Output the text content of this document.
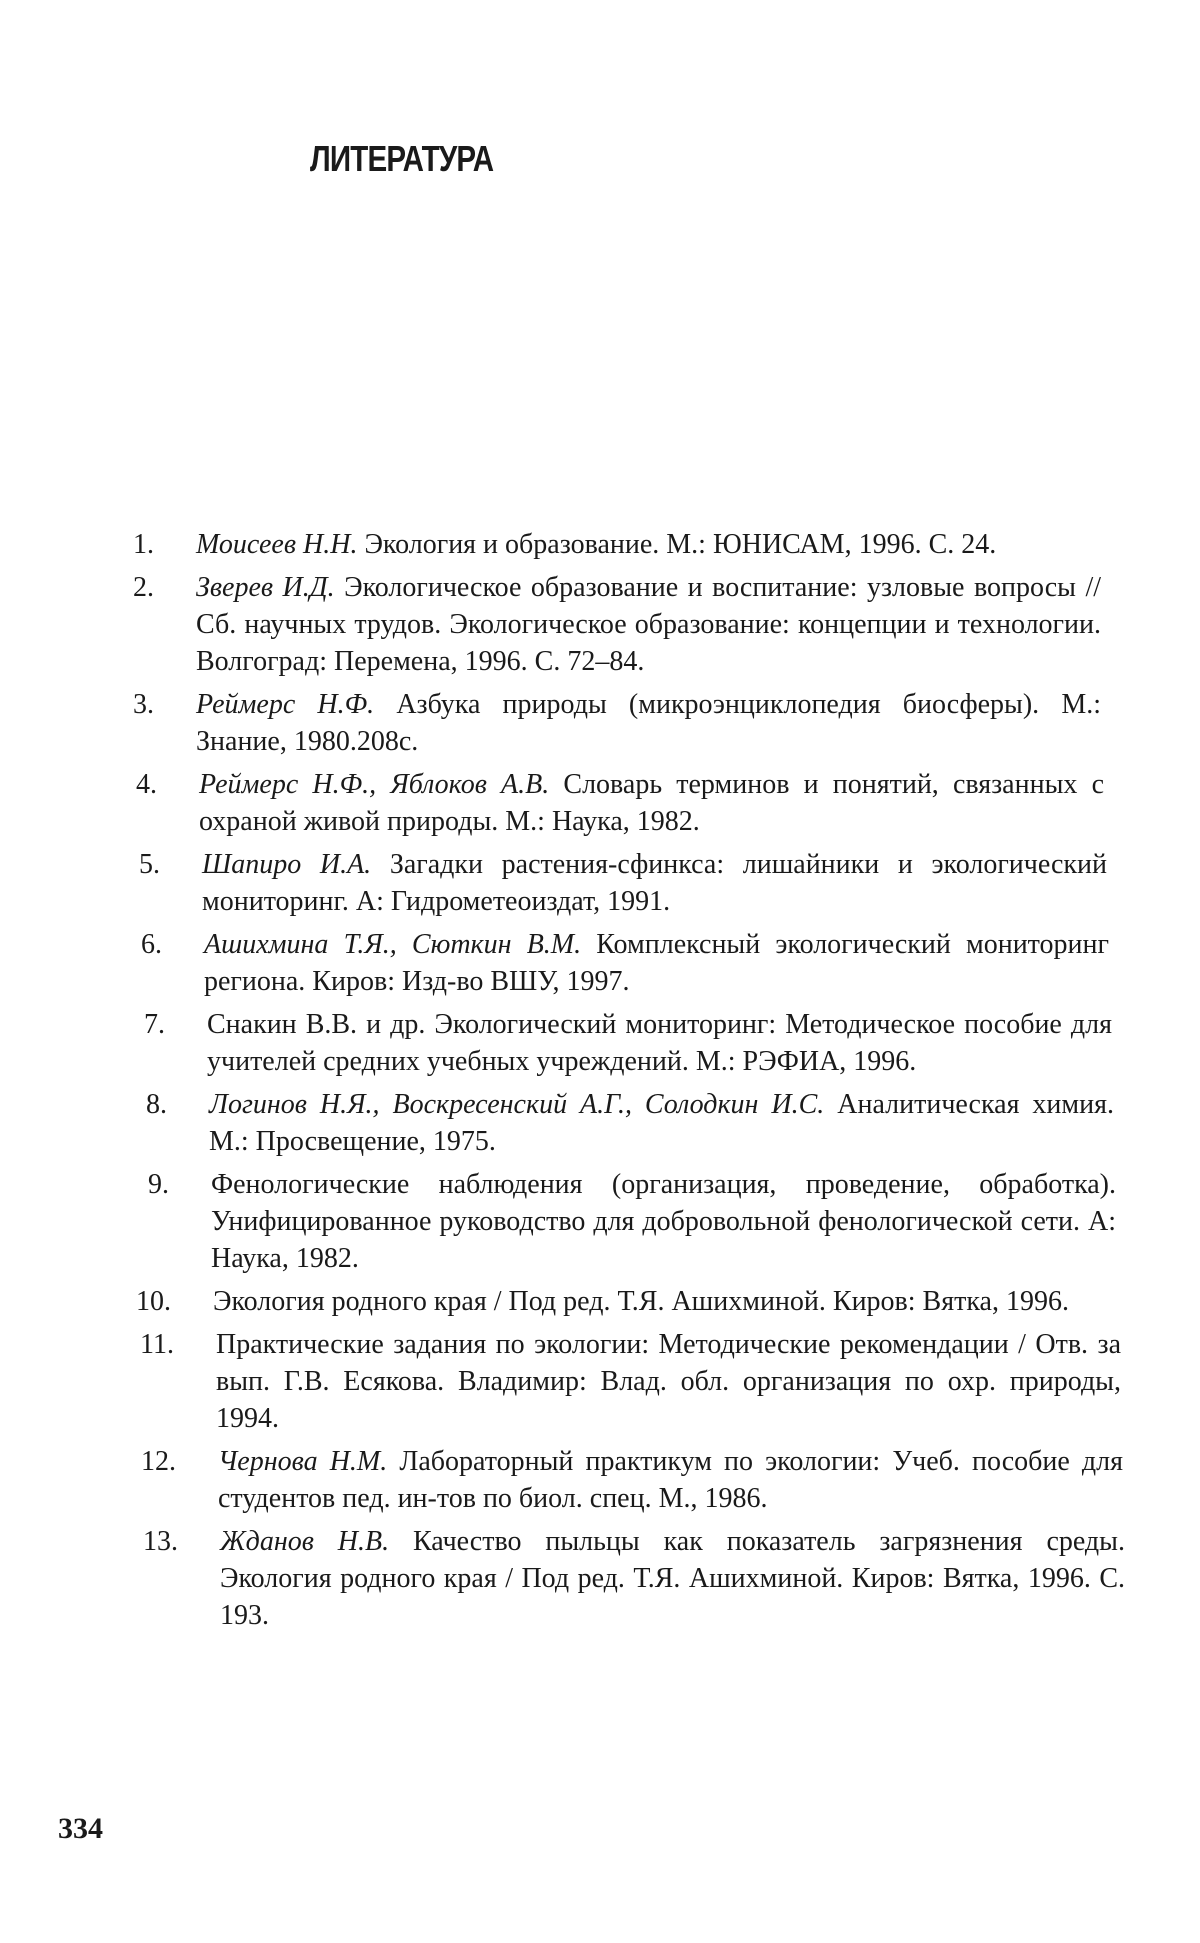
ЛИТЕРАТУРА
1. Моисеев Н.Н. Экология и образование. М.: ЮНИСАМ, 1996. С. 24.
2. Зверев И.Д. Экологическое образование и воспитание: узловые вопросы // Сб. научных трудов. Экологическое образование: концепции и технологии. Волгоград: Перемена, 1996. С. 72–84.
3. Реймерс Н.Ф. Азбука природы (микроэнциклопедия биосферы). М.: Знание, 1980.208с.
4. Реймерс Н.Ф., Яблоков А.В. Словарь терминов и понятий, связанных с охраной живой природы. М.: Наука, 1982.
5. Шапиро И.А. Загадки растения-сфинкса: лишайники и экологический мониторинг. А: Гидрометеоиздат, 1991.
6. Ашихмина Т.Я., Сюткин В.М. Комплексный экологический мониторинг региона. Киров: Изд-во ВШУ, 1997.
7. Снакин В.В. и др. Экологический мониторинг: Методическое пособие для учителей средних учебных учреждений. М.: РЭФИА, 1996.
8. Логинов Н.Я., Воскресенский А.Г., Солодкин И.С. Аналитическая химия. М.: Просвещение, 1975.
9. Фенологические наблюдения (организация, проведение, обработка). Унифицированное руководство для добровольной фенологической сети. А: Наука, 1982.
10. Экология родного края / Под ред. Т.Я. Ашихминой. Киров: Вятка, 1996.
11. Практические задания по экологии: Методические рекомендации / Отв. за вып. Г.В. Есякова. Владимир: Влад. обл. организация по охр. природы, 1994.
12. Чернова Н.М. Лабораторный практикум по экологии: Учеб. пособие для студентов пед. ин-тов по биол. спец. М., 1986.
13. Жданов Н.В. Качество пыльцы как показатель загрязнения среды. Экология родного края / Под ред. Т.Я. Ашихминой. Киров: Вятка, 1996. С. 193.
334
